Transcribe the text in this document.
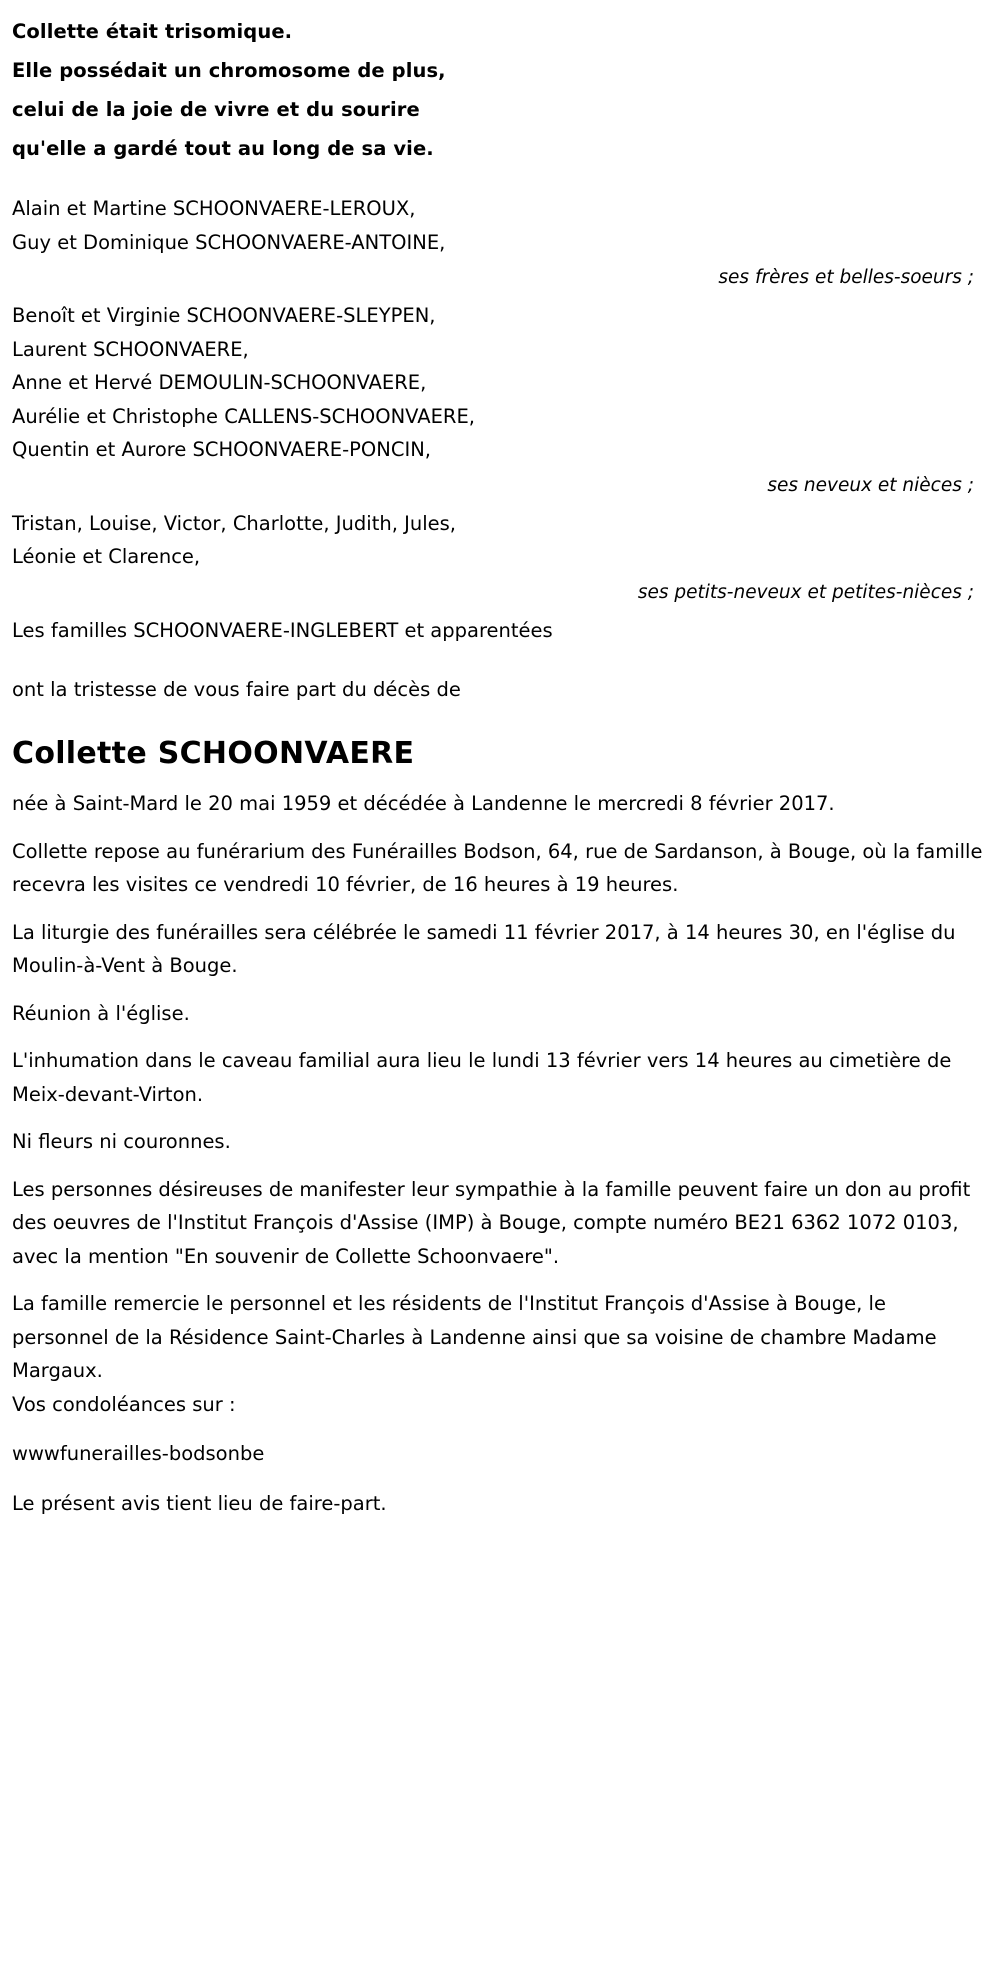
Collette était trisomique.
Elle possédait un chromosome de plus,
celui de la joie de vivre et du sourire
qu'elle a gardé tout au long de sa vie.
Alain et Martine SCHOONVAERE-LEROUX,
Guy et Dominique SCHOONVAERE-ANTOINE,
ses frères et belles-soeurs ;
Benoît et Virginie SCHOONVAERE-SLEYPEN,
Laurent SCHOONVAERE,
Anne et Hervé DEMOULIN-SCHOONVAERE,
Aurélie et Christophe CALLENS-SCHOONVAERE,
Quentin et Aurore SCHOONVAERE-PONCIN,
ses neveux et nièces ;
Tristan, Louise, Victor, Charlotte, Judith, Jules,
Léonie et Clarence,
ses petits-neveux et petites-nièces ;
Les familles SCHOONVAERE-INGLEBERT et apparentées
ont la tristesse de vous faire part du décès de
Collette SCHOONVAERE
née à Saint-Mard le 20 mai 1959 et décédée à Landenne le mercredi 8 février 2017.
Collette repose au funérarium des Funérailles Bodson, 64, rue de Sardanson, à Bouge, où la famille recevra les visites ce vendredi 10 février, de 16 heures à 19 heures.
La liturgie des funérailles sera célébrée le samedi 11 février 2017, à 14 heures 30, en l'église du Moulin-à-Vent à Bouge.
Réunion à l'église.
L'inhumation dans le caveau familial aura lieu le lundi 13 février vers 14 heures au cimetière de Meix-devant-Virton.
Ni fleurs ni couronnes.
Les personnes désireuses de manifester leur sympathie à la famille peuvent faire un don au profit des oeuvres de l'Institut François d'Assise (IMP) à Bouge, compte numéro BE21 6362 1072 0103, avec la mention "En souvenir de Collette Schoonvaere".
La famille remercie le personnel et les résidents de l'Institut François d'Assise à Bouge, le personnel de la Résidence Saint-Charles à Landenne ainsi que sa voisine de chambre Madame Margaux.
Vos condoléances sur :
wwwfunerailles-bodsonbe
Le présent avis tient lieu de faire-part.
